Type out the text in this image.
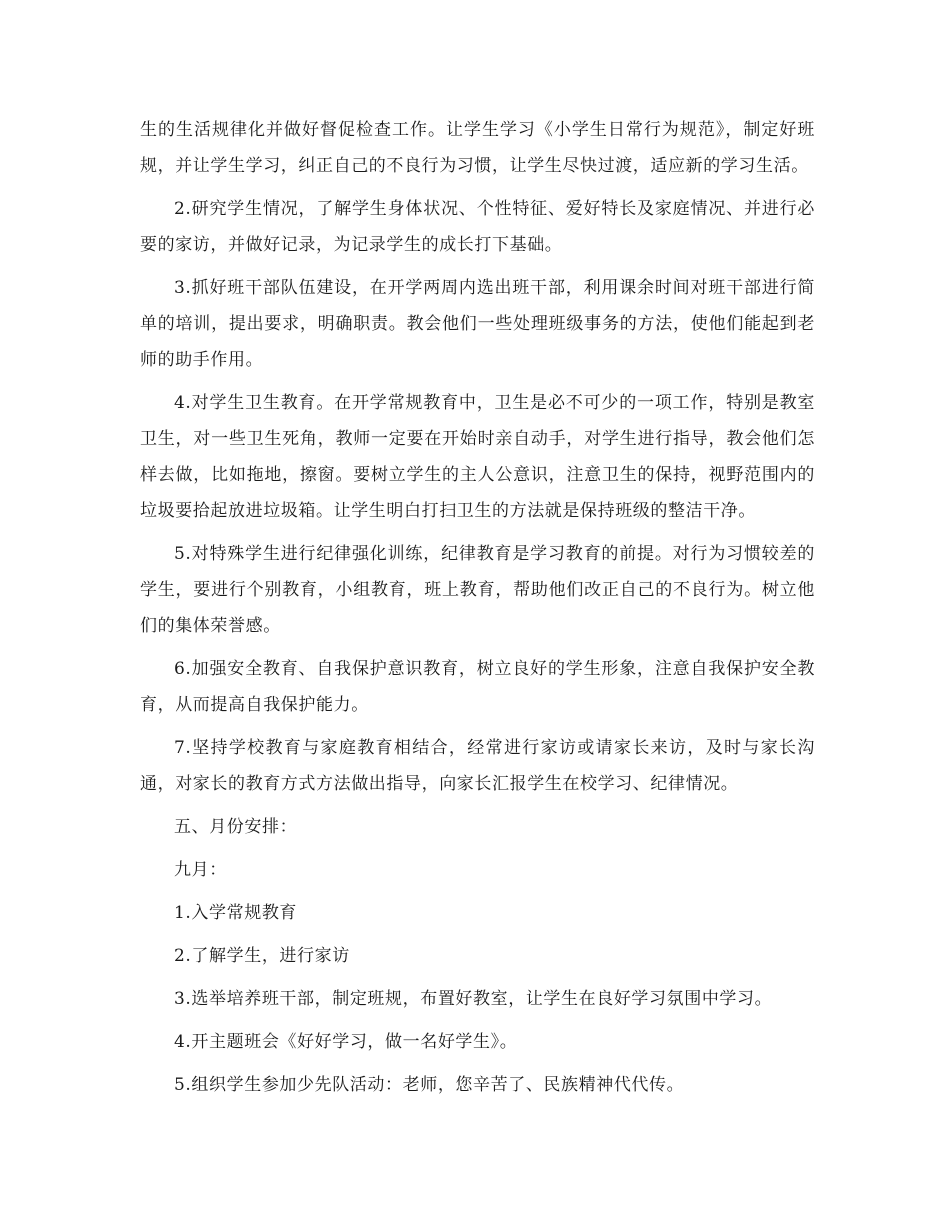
生的生活规律化并做好督促检查工作。让学生学习《小学生日常行为规范》，制定好班规，并让学生学习，纠正自己的不良行为习惯，让学生尽快过渡，适应新的学习生活。

2.研究学生情况，了解学生身体状况、个性特征、爱好特长及家庭情况、并进行必要的家访，并做好记录，为记录学生的成长打下基础。

3.抓好班干部队伍建设，在开学两周内选出班干部，利用课余时间对班干部进行简单的培训，提出要求，明确职责。教会他们一些处理班级事务的方法，使他们能起到老师的助手作用。

4.对学生卫生教育。在开学常规教育中，卫生是必不可少的一项工作，特别是教室卫生，对一些卫生死角，教师一定要在开始时亲自动手，对学生进行指导，教会他们怎样去做，比如拖地，擦窗。要树立学生的主人公意识，注意卫生的保持，视野范围内的垃圾要拾起放进垃圾箱。让学生明白打扫卫生的方法就是保持班级的整洁干净。

5.对特殊学生进行纪律强化训练，纪律教育是学习教育的前提。对行为习惯较差的学生，要进行个别教育，小组教育，班上教育，帮助他们改正自己的不良行为。树立他们的集体荣誉感。

6.加强安全教育、自我保护意识教育，树立良好的学生形象，注意自我保护安全教育，从而提高自我保护能力。

7.坚持学校教育与家庭教育相结合，经常进行家访或请家长来访，及时与家长沟通，对家长的教育方式方法做出指导，向家长汇报学生在校学习、纪律情况。

五、月份安排：

九月：

1.入学常规教育

2.了解学生，进行家访

3.选举培养班干部，制定班规，布置好教室，让学生在良好学习氛围中学习。

4.开主题班会《好好学习，做一名好学生》。

5.组织学生参加少先队活动：老师，您辛苦了、民族精神代代传。
